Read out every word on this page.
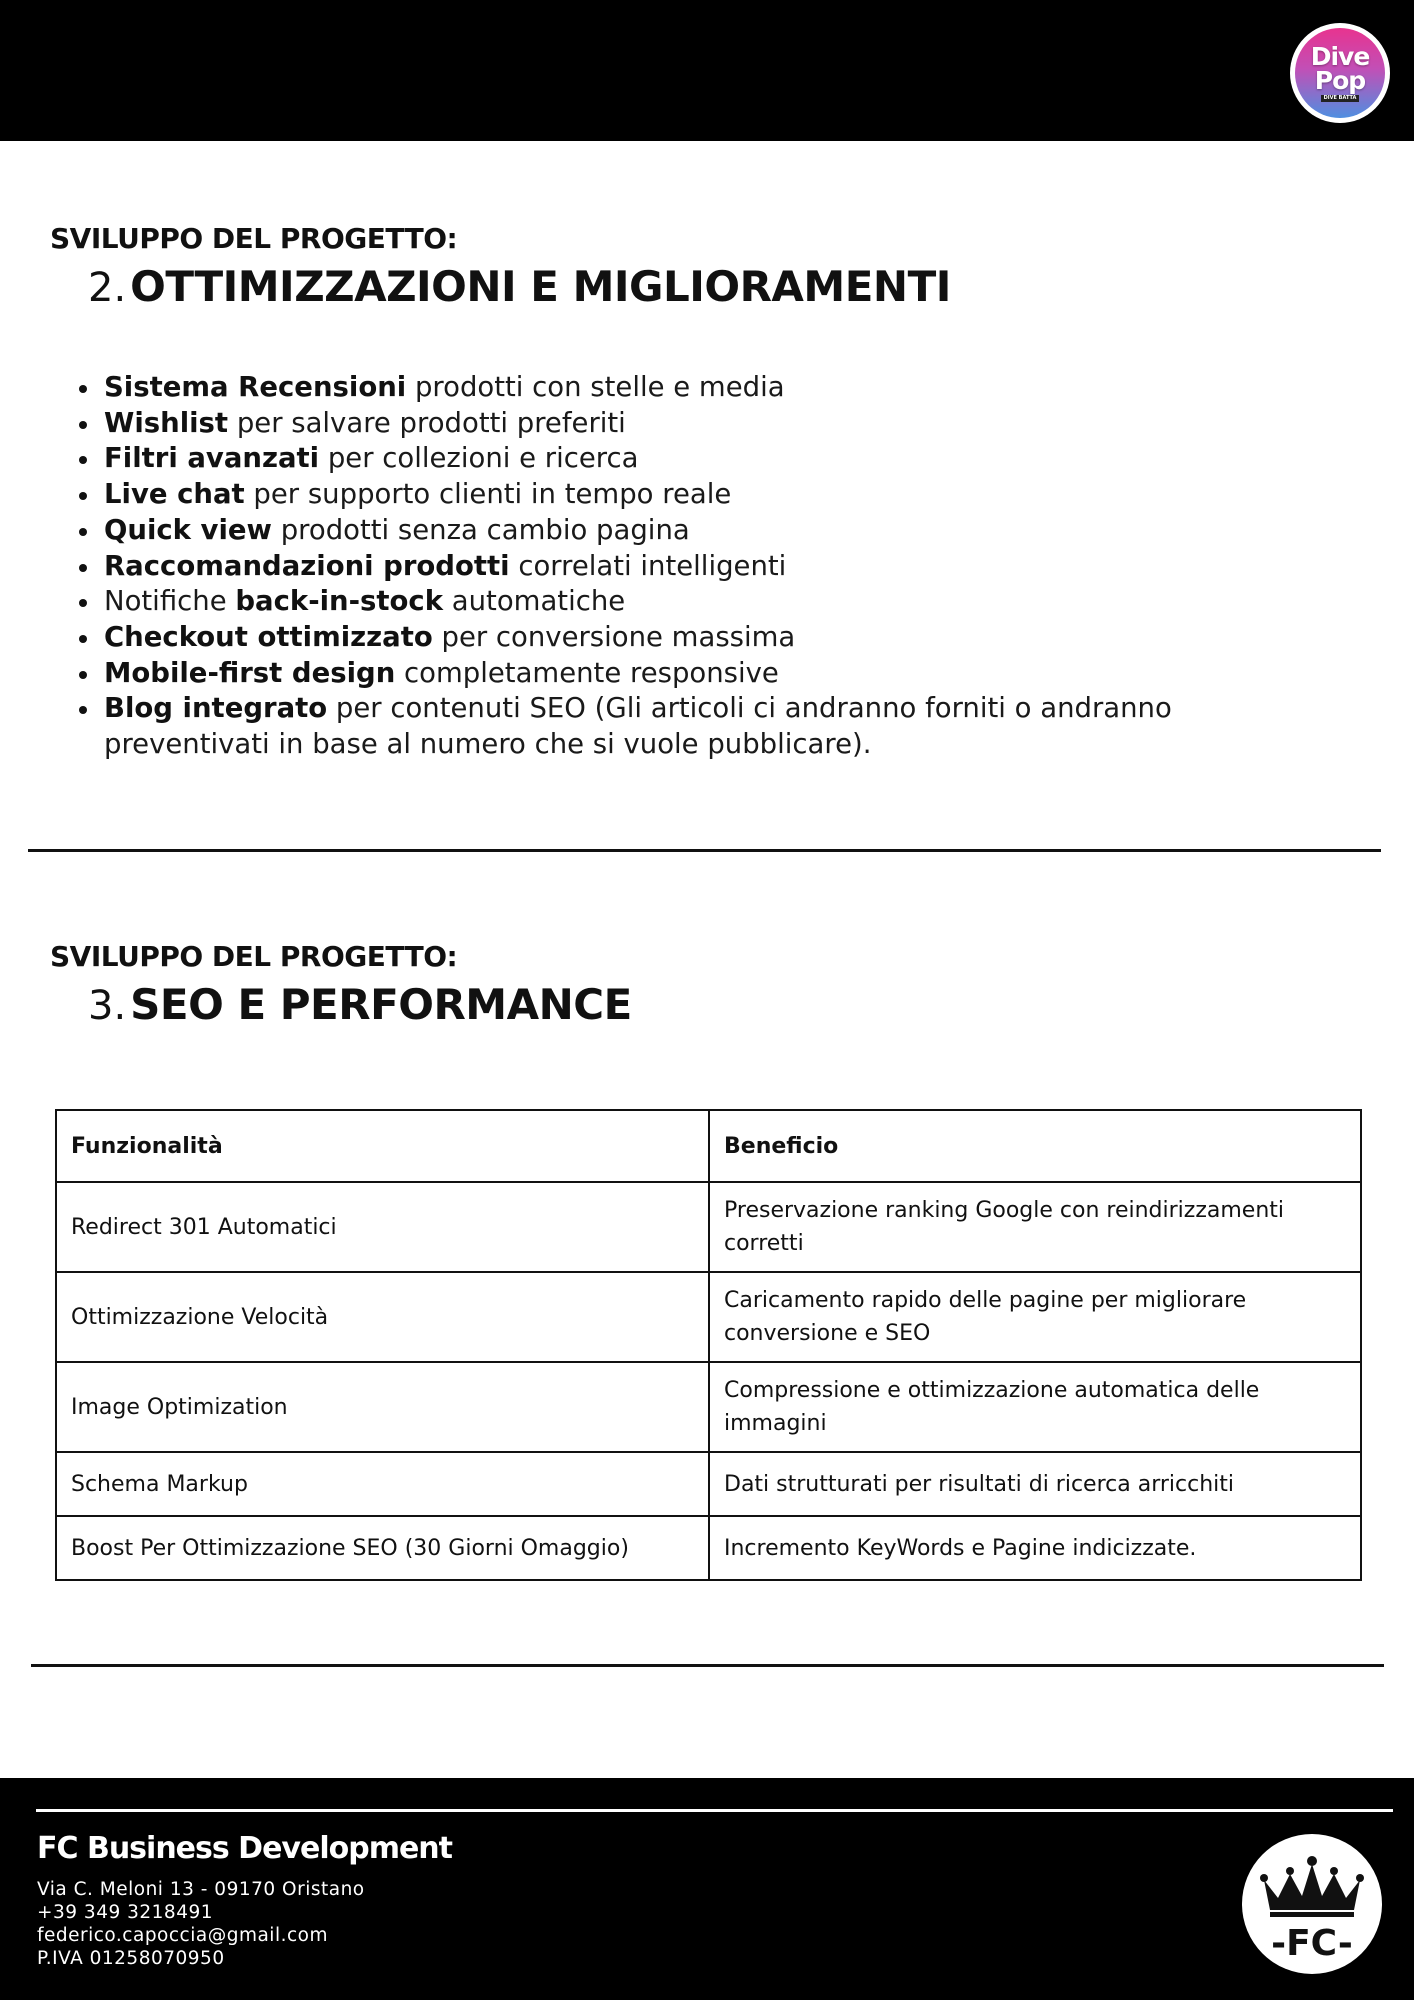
Dive
Pop
DIVE BATTA
SVILUPPO DEL PROGETTO:
2. OTTIMIZZAZIONI E MIGLIORAMENTI
Sistema Recensioni prodotti con stelle e media
Wishlist per salvare prodotti preferiti
Filtri avanzati per collezioni e ricerca
Live chat per supporto clienti in tempo reale
Quick view prodotti senza cambio pagina
Raccomandazioni prodotti correlati intelligenti
Notifiche back-in-stock automatiche
Checkout ottimizzato per conversione massima
Mobile-first design completamente responsive
Blog integrato per contenuti SEO (Gli articoli ci andranno forniti o andranno preventivati in base al numero che si vuole pubblicare).
SVILUPPO DEL PROGETTO:
3. SEO E PERFORMANCE
Funzionalità	Beneficio
Redirect 301 Automatici	Preservazione ranking Google con reindirizzamenti corretti
Ottimizzazione Velocità	Caricamento rapido delle pagine per migliorare conversione e SEO
Image Optimization	Compressione e ottimizzazione automatica delle immagini
Schema Markup	Dati strutturati per risultati di ricerca arricchiti
Boost Per Ottimizzazione SEO (30 Giorni Omaggio)	Incremento KeyWords e Pagine indicizzate.
FC Business Development
Via C. Meloni 13 - 09170 Oristano
+39 349 3218491
federico.capoccia@gmail.com
P.IVA 01258070950	-FC-
